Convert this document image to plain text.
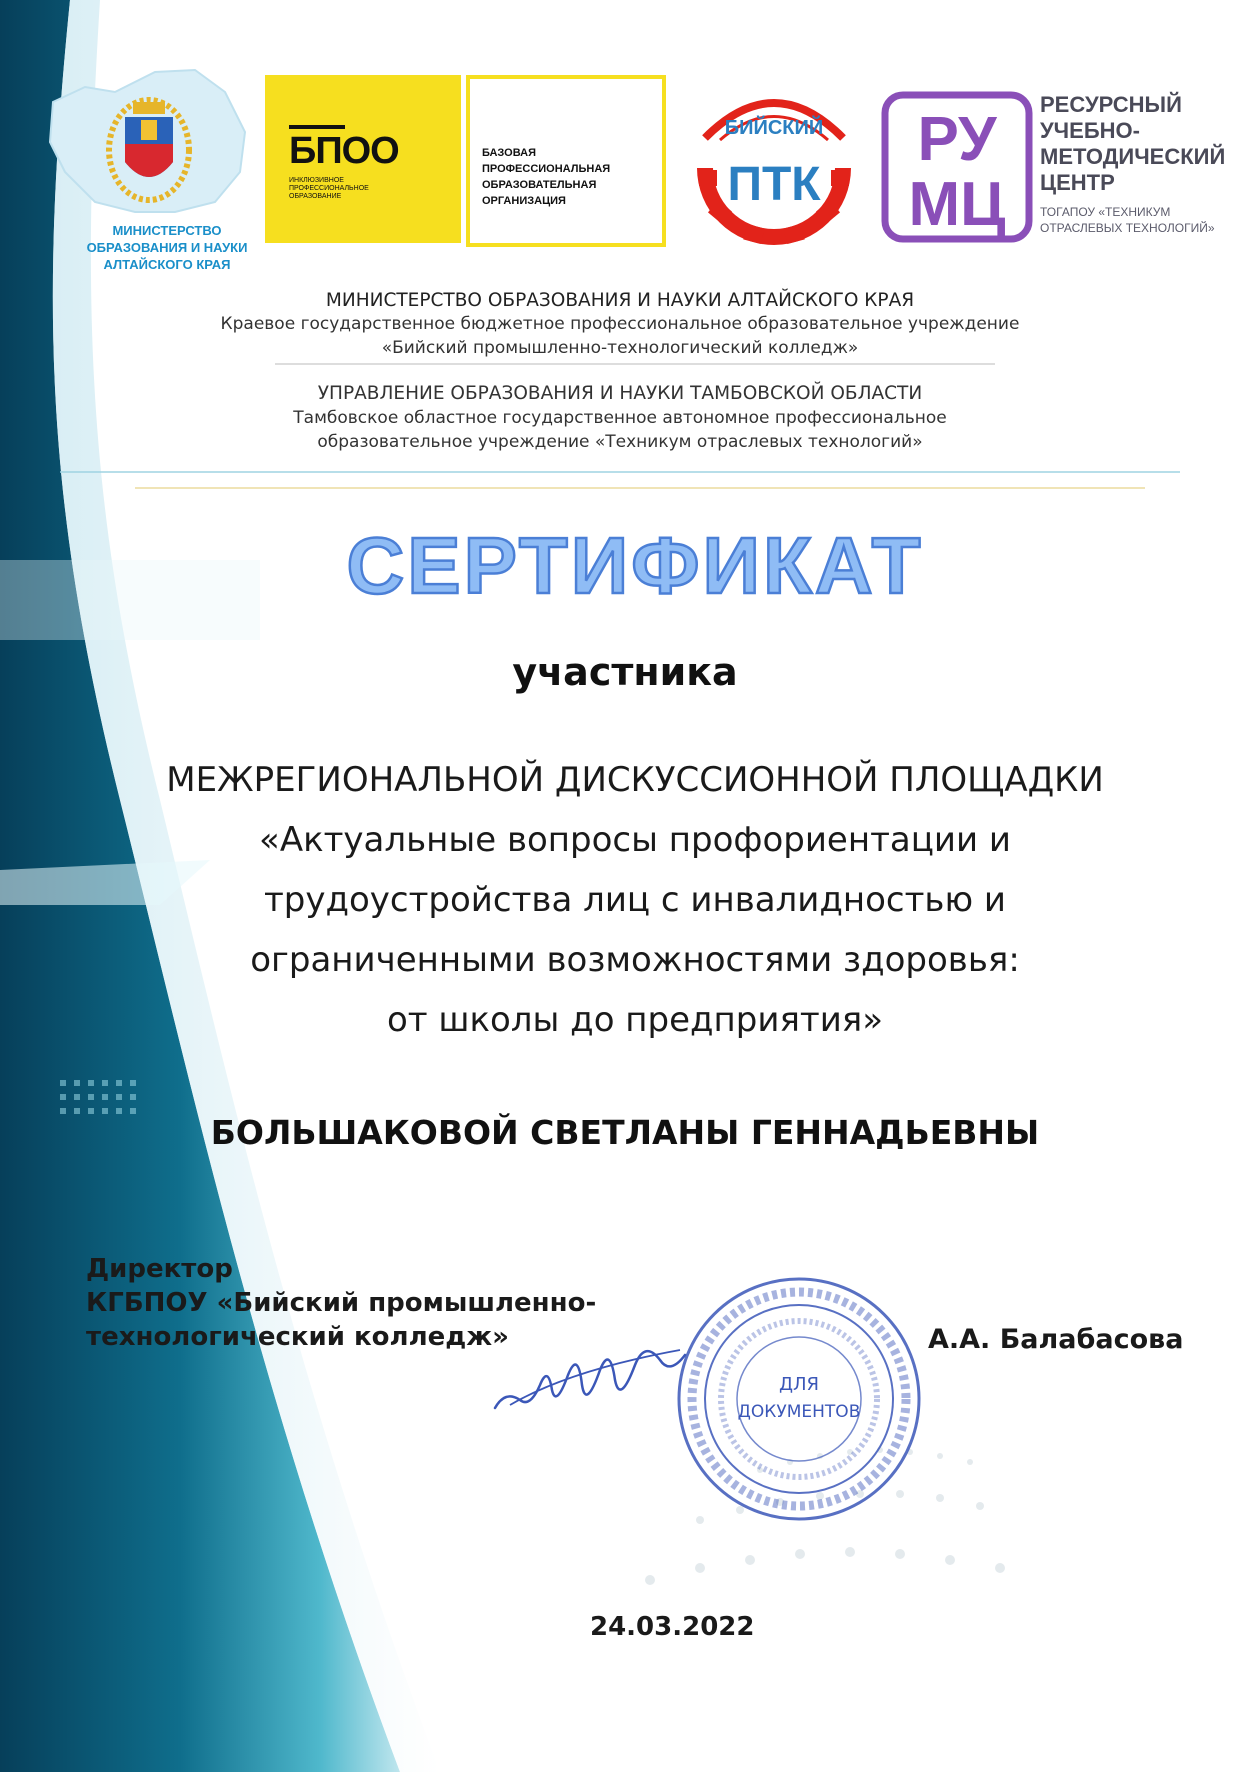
МИНИСТЕРСТВО
ОБРАЗОВАНИЯ И НАУКИ
АЛТАЙСКОГО КРАЯ
БПОО
ИНКЛЮЗИВНОЕ
ПРОФЕССИОНАЛЬНОЕ
ОБРАЗОВАНИЕ
БАЗОВАЯ
ПРОФЕССИОНАЛЬНАЯ
ОБРАЗОВАТЕЛЬНАЯ
ОРГАНИЗАЦИЯ
БИЙСКИЙ
ПТК
РУ
МЦ
РЕСУРСНЫЙ
УЧЕБНО-
МЕТОДИЧЕСКИЙ
ЦЕНТР
ТОГАПОУ «ТЕХНИКУМ
ОТРАСЛЕВЫХ ТЕХНОЛОГИЙ»
МИНИСТЕРСТВО ОБРАЗОВАНИЯ И НАУКИ АЛТАЙСКОГО КРАЯ
Краевое государственное бюджетное профессиональное образовательное учреждение
«Бийский промышленно-технологический колледж»
УПРАВЛЕНИЕ ОБРАЗОВАНИЯ И НАУКИ ТАМБОВСКОЙ ОБЛАСТИ
Тамбовское областное государственное автономное профессиональное
образовательное учреждение «Техникум отраслевых технологий»
СЕРТИФИКАТ
участника
МЕЖРЕГИОНАЛЬНОЙ ДИСКУССИОННОЙ ПЛОЩАДКИ
«Актуальные вопросы профориентации и
трудоустройства лиц с инвалидностью и
ограниченными возможностями здоровья:
от школы до предприятия»
БОЛЬШАКОВОЙ СВЕТЛАНЫ ГЕННАДЬЕВНЫ
Директор
КГБПОУ «Бийский промышленно-
технологический колледж»
ДЛЯ
ДОКУМЕНТОВ
А.А. Балабасова
24.03.2022
